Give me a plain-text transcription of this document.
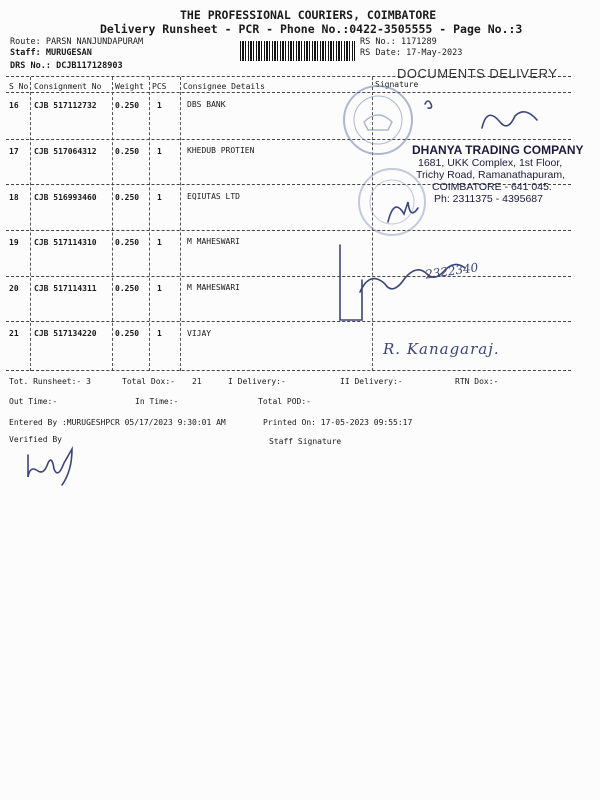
THE PROFESSIONAL COURIERS, COIMBATORE
Delivery Runsheet - PCR - Phone No.:0422-3505555 - Page No.:3
Route: PARSN NANJUNDAPURAM
Staff: MURUGESAN
DRS No.: DCJB117128903
RS No.: 1171289
RS Date: 17-May-2023
DOCUMENTS DELIVERY
S No Consignment No Weight PCS Consignee Details	Signature
16 CJB 517112732 0.250 1	DBS BANK
17 CJB 517064312 0.250 1	KHEDUB PROTIEN
18 CJB 516993460 0.250 1	EQIUTAS LTD
19 CJB 517114310 0.250 1	M MAHESWARI
20 CJB 517114311 0.250 1	M MAHESWARI
21 CJB 517134220 0.250 1	VIJAY
DHANYA TRADING COMPANY
1681, UKK Complex, 1st Floor,
Trichy Road, Ramanathapuram,
COIMBATORE - 641 045.
Ph: 2311375 - 4395687
2322340
R. Kanagaraj.
Tot. Runsheet:- 3	Total Dox:- 21	I Delivery:-	II Delivery:-	RTN Dox:-
Out Time:-	In Time:-	Total POD:-
Entered By :MURUGESHPCR 05/17/2023 9:30:01 AM	Printed On: 17-05-2023 09:55:17
Verified By	Staff Signature
